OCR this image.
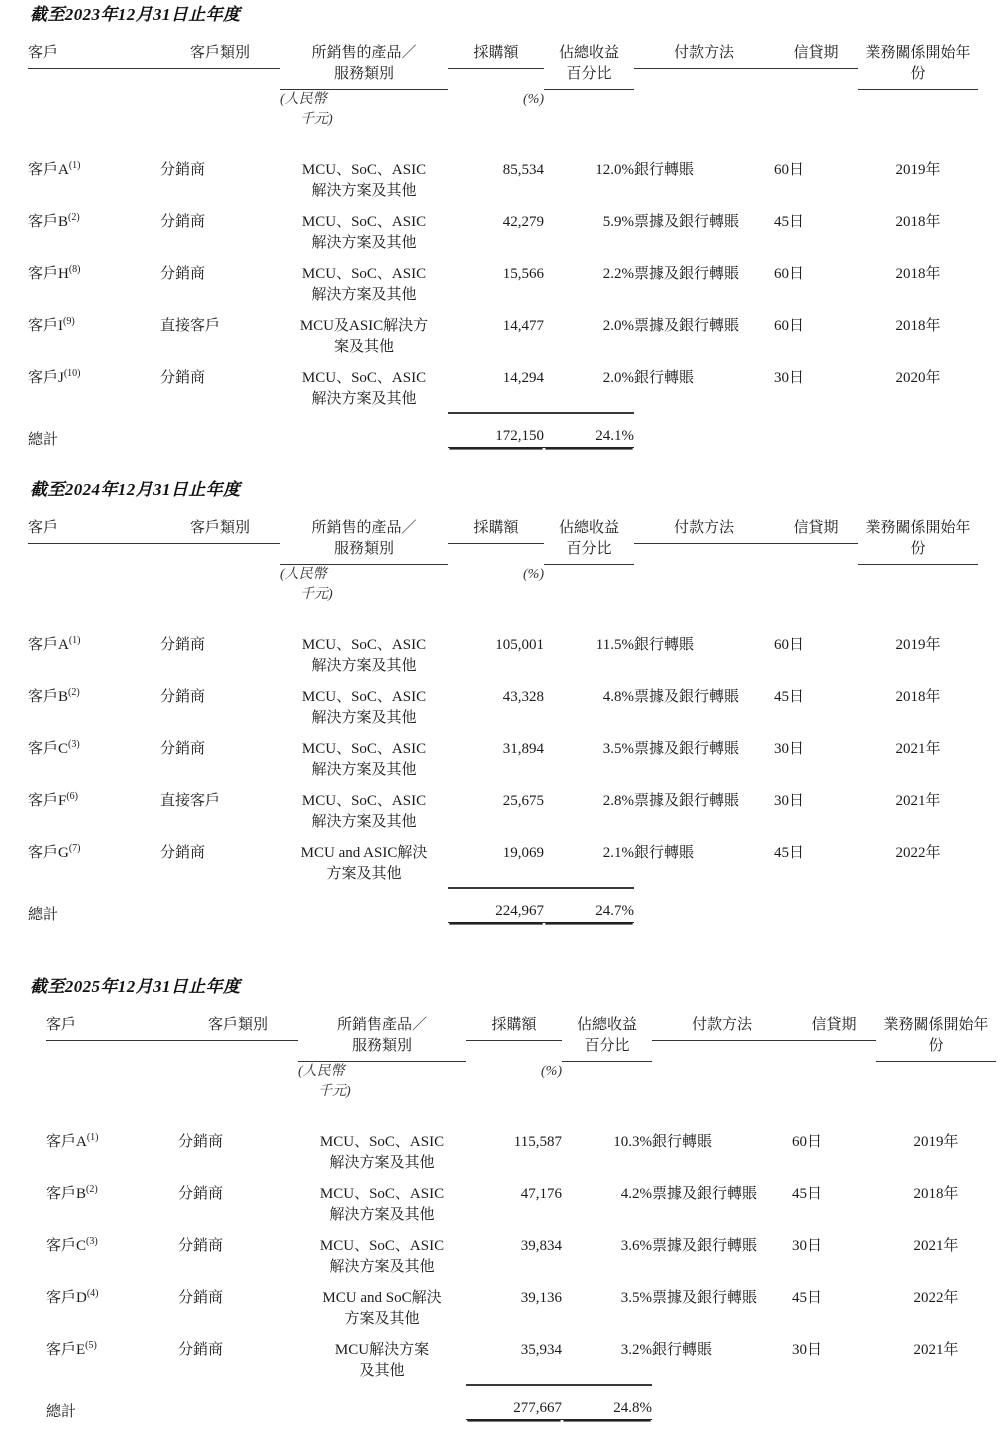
截至2023年12月31日止年度
客戶	客戶類別	所銷售的產品／
服務類別	採購額	佔總收益
百分比	付款方法	信貸期	業務關係開始年
份

		(人民幣
千元)	(%)				

客戶$A^{(1)}$	分銷商	MCU、SoC、ASIC
解決方案及其他	85,534	12.0%	銀行轉賬	60日	2019年
客戶$B^{(2)}$	分銷商	MCU、SoC、ASIC
解決方案及其他	42,279	5.9%	票據及銀行轉賬	45日	2018年
客戶$H^{(8)}$	分銷商	MCU、SoC、ASIC
解決方案及其他	15,566	2.2%	票據及銀行轉賬	60日	2018年
客戶$I^{(9)}$	直接客戶	MCU及ASIC解決方
案及其他	14,477	2.0%	票據及銀行轉賬	60日	2018年
客戶$J^{(10)}$	分銷商	MCU、SoC、ASIC
解決方案及其他	14,294	2.0%	銀行轉賬	30日	2020年

總計			172,150	24.1%			
截至2024年12月31日止年度
客戶	客戶類別	所銷售的產品／
服務類別	採購額	佔總收益
百分比	付款方法	信貸期	業務關係開始年
份

		(人民幣
千元)	(%)				

客戶$A^{(1)}$	分銷商	MCU、SoC、ASIC
解決方案及其他	105,001	11.5%	銀行轉賬	60日	2019年
客戶$B^{(2)}$	分銷商	MCU、SoC、ASIC
解決方案及其他	43,328	4.8%	票據及銀行轉賬	45日	2018年
客戶$C^{(3)}$	分銷商	MCU、SoC、ASIC
解決方案及其他	31,894	3.5%	票據及銀行轉賬	30日	2021年
客戶$F^{(6)}$	直接客戶	MCU、SoC、ASIC
解決方案及其他	25,675	2.8%	票據及銀行轉賬	30日	2021年
客戶$G^{(7)}$	分銷商	MCU and ASIC解決
方案及其他	19,069	2.1%	銀行轉賬	45日	2022年

總計			224,967	24.7%			
截至2025年12月31日止年度
客戶	客戶類別	所銷售產品／
服務類別	採購額	佔總收益
百分比	付款方法	信貸期	業務關係開始年
份

		(人民幣
千元)	(%)				

客戶$A^{(1)}$	分銷商	MCU、SoC、ASIC
解決方案及其他	115,587	10.3%	銀行轉賬	60日	2019年
客戶$B^{(2)}$	分銷商	MCU、SoC、ASIC
解決方案及其他	47,176	4.2%	票據及銀行轉賬	45日	2018年
客戶$C^{(3)}$	分銷商	MCU、SoC、ASIC
解決方案及其他	39,834	3.6%	票據及銀行轉賬	30日	2021年
客戶$D^{(4)}$	分銷商	MCU and SoC解決
方案及其他	39,136	3.5%	票據及銀行轉賬	45日	2022年
客戶$E^{(5)}$	分銷商	MCU解決方案
及其他	35,934	3.2%	銀行轉賬	30日	2021年

總計			277,667	24.8%			
